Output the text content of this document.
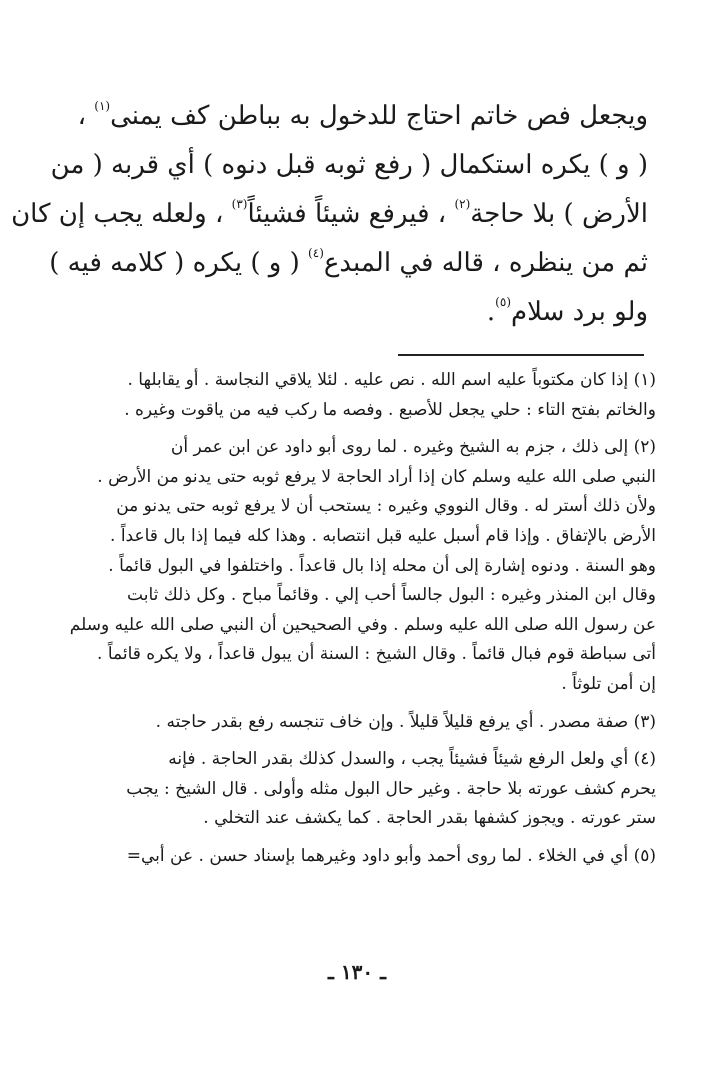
ويجعل فص خاتم احتاج للدخول به بباطن كف يمنى$^{(١)}$ ،

( و ) يكره استكمال ( رفع ثوبه قبل دنوه ) أي قربه ( من

الأرض ) بلا حاجة$^{(٢)}$ ، فيرفع شيئاً فشيئاً$^{(٣)}$ ، ولعله يجب إن كان

ثم من ينظره ، قاله في المبدع$^{(٤)}$ ( و ) يكره ( كلامه فيه )

ولو برد سلام$^{(٥)}$.

(١) إذا كان مكتوباً عليه اسم الله . نص عليه . لئلا يلاقي النجاسة . أو يقابلها .
والخاتم بفتح التاء : حلي يجعل للأصبع . وفصه ما ركب فيه من ياقوت وغيره .
(٢) إلى ذلك ، جزم به الشيخ وغيره . لما روى أبو داود عن ابن عمر أن
النبي صلى الله عليه وسلم كان إذا أراد الحاجة لا يرفع ثوبه حتى يدنو من الأرض .
ولأن ذلك أستر له . وقال النووي وغيره : يستحب أن لا يرفع ثوبه حتى يدنو من
الأرض بالإتفاق . وإذا قام أسبل عليه قبل انتصابه . وهذا كله فيما إذا بال قاعداً .
وهو السنة . ودنوه إشارة إلى أن محله إذا بال قاعداً . واختلفوا في البول قائماً .
وقال ابن المنذر وغيره : البول جالساً أحب إلي . وقائماً مباح . وكل ذلك ثابت
عن رسول الله صلى الله عليه وسلم . وفي الصحيحين أن النبي صلى الله عليه وسلم
أتى سباطة قوم فبال قائماً . وقال الشيخ : السنة أن يبول قاعداً ، ولا يكره قائماً .
إن أمن تلوثاً .
(٣) صفة مصدر . أي يرفع قليلاً قليلاً . وإن خاف تنجسه رفع بقدر حاجته .
(٤) أي ولعل الرفع شيئاً فشيئاً يجب ، والسدل كذلك بقدر الحاجة . فإنه
يحرم كشف عورته بلا حاجة . وغير حال البول مثله وأولى . قال الشيخ : يجب
ستر عورته . ويجوز كشفها بقدر الحاجة . كما يكشف عند التخلي .
(٥) أي في الخلاء . لما روى أحمد وأبو داود وغيرهما بإسناد حسن . عن أبي=
ـ ١٣٠ ـ
